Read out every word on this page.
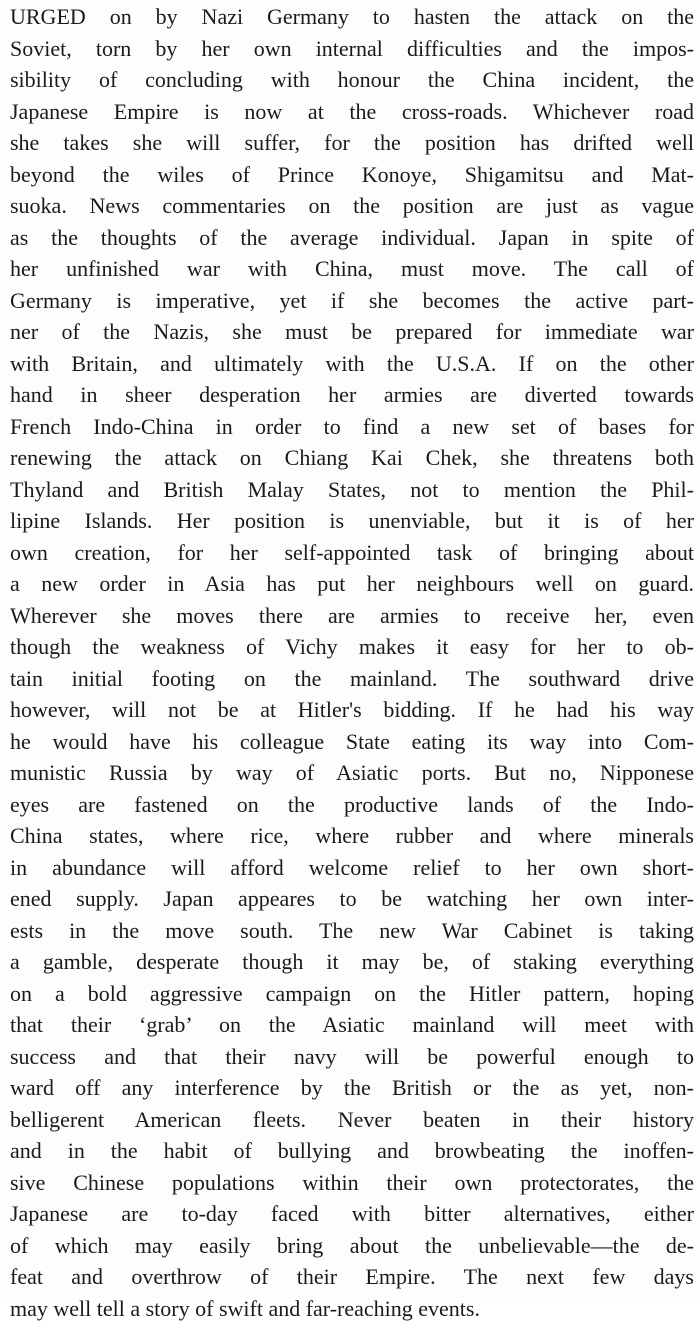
URGED on by Nazi Germany to hasten the attack on the
Soviet, torn by her own internal difficulties and the impos-
sibility of concluding with honour the China incident, the
Japanese Empire is now at the cross-roads. Whichever road
she takes she will suffer, for the position has drifted well
beyond the wiles of Prince Konoye, Shigamitsu and Mat-
suoka. News commentaries on the position are just as vague
as the thoughts of the average individual. Japan in spite of
her unfinished war with China, must move. The call of
Germany is imperative, yet if she becomes the active part-
ner of the Nazis, she must be prepared for immediate war
with Britain, and ultimately with the U.S.A. If on the other
hand in sheer desperation her armies are diverted towards
French Indo-China in order to find a new set of bases for
renewing the attack on Chiang Kai Chek, she threatens both
Thyland and British Malay States, not to mention the Phil-
lipine Islands. Her position is unenviable, but it is of her
own creation, for her self-appointed task of bringing about
a new order in Asia has put her neighbours well on guard.
Wherever she moves there are armies to receive her, even
though the weakness of Vichy makes it easy for her to ob-
tain initial footing on the mainland. The southward drive
however, will not be at Hitler's bidding. If he had his way
he would have his colleague State eating its way into Com-
munistic Russia by way of Asiatic ports. But no, Nipponese
eyes are fastened on the productive lands of the Indo-
China states, where rice, where rubber and where minerals
in abundance will afford welcome relief to her own short-
ened supply. Japan appeares to be watching her own inter-
ests in the move south. The new War Cabinet is taking
a gamble, desperate though it may be, of staking everything
on a bold aggressive campaign on the Hitler pattern, hoping
that their ‘grab’ on the Asiatic mainland will meet with
success and that their navy will be powerful enough to
ward off any interference by the British or the as yet, non-
belligerent American fleets. Never beaten in their history
and in the habit of bullying and browbeating the inoffen-
sive Chinese populations within their own protectorates, the
Japanese are to-day faced with bitter alternatives, either
of which may easily bring about the unbelievable—the de-
feat and overthrow of their Empire. The next few days
may well tell a story of swift and far-reaching events.
